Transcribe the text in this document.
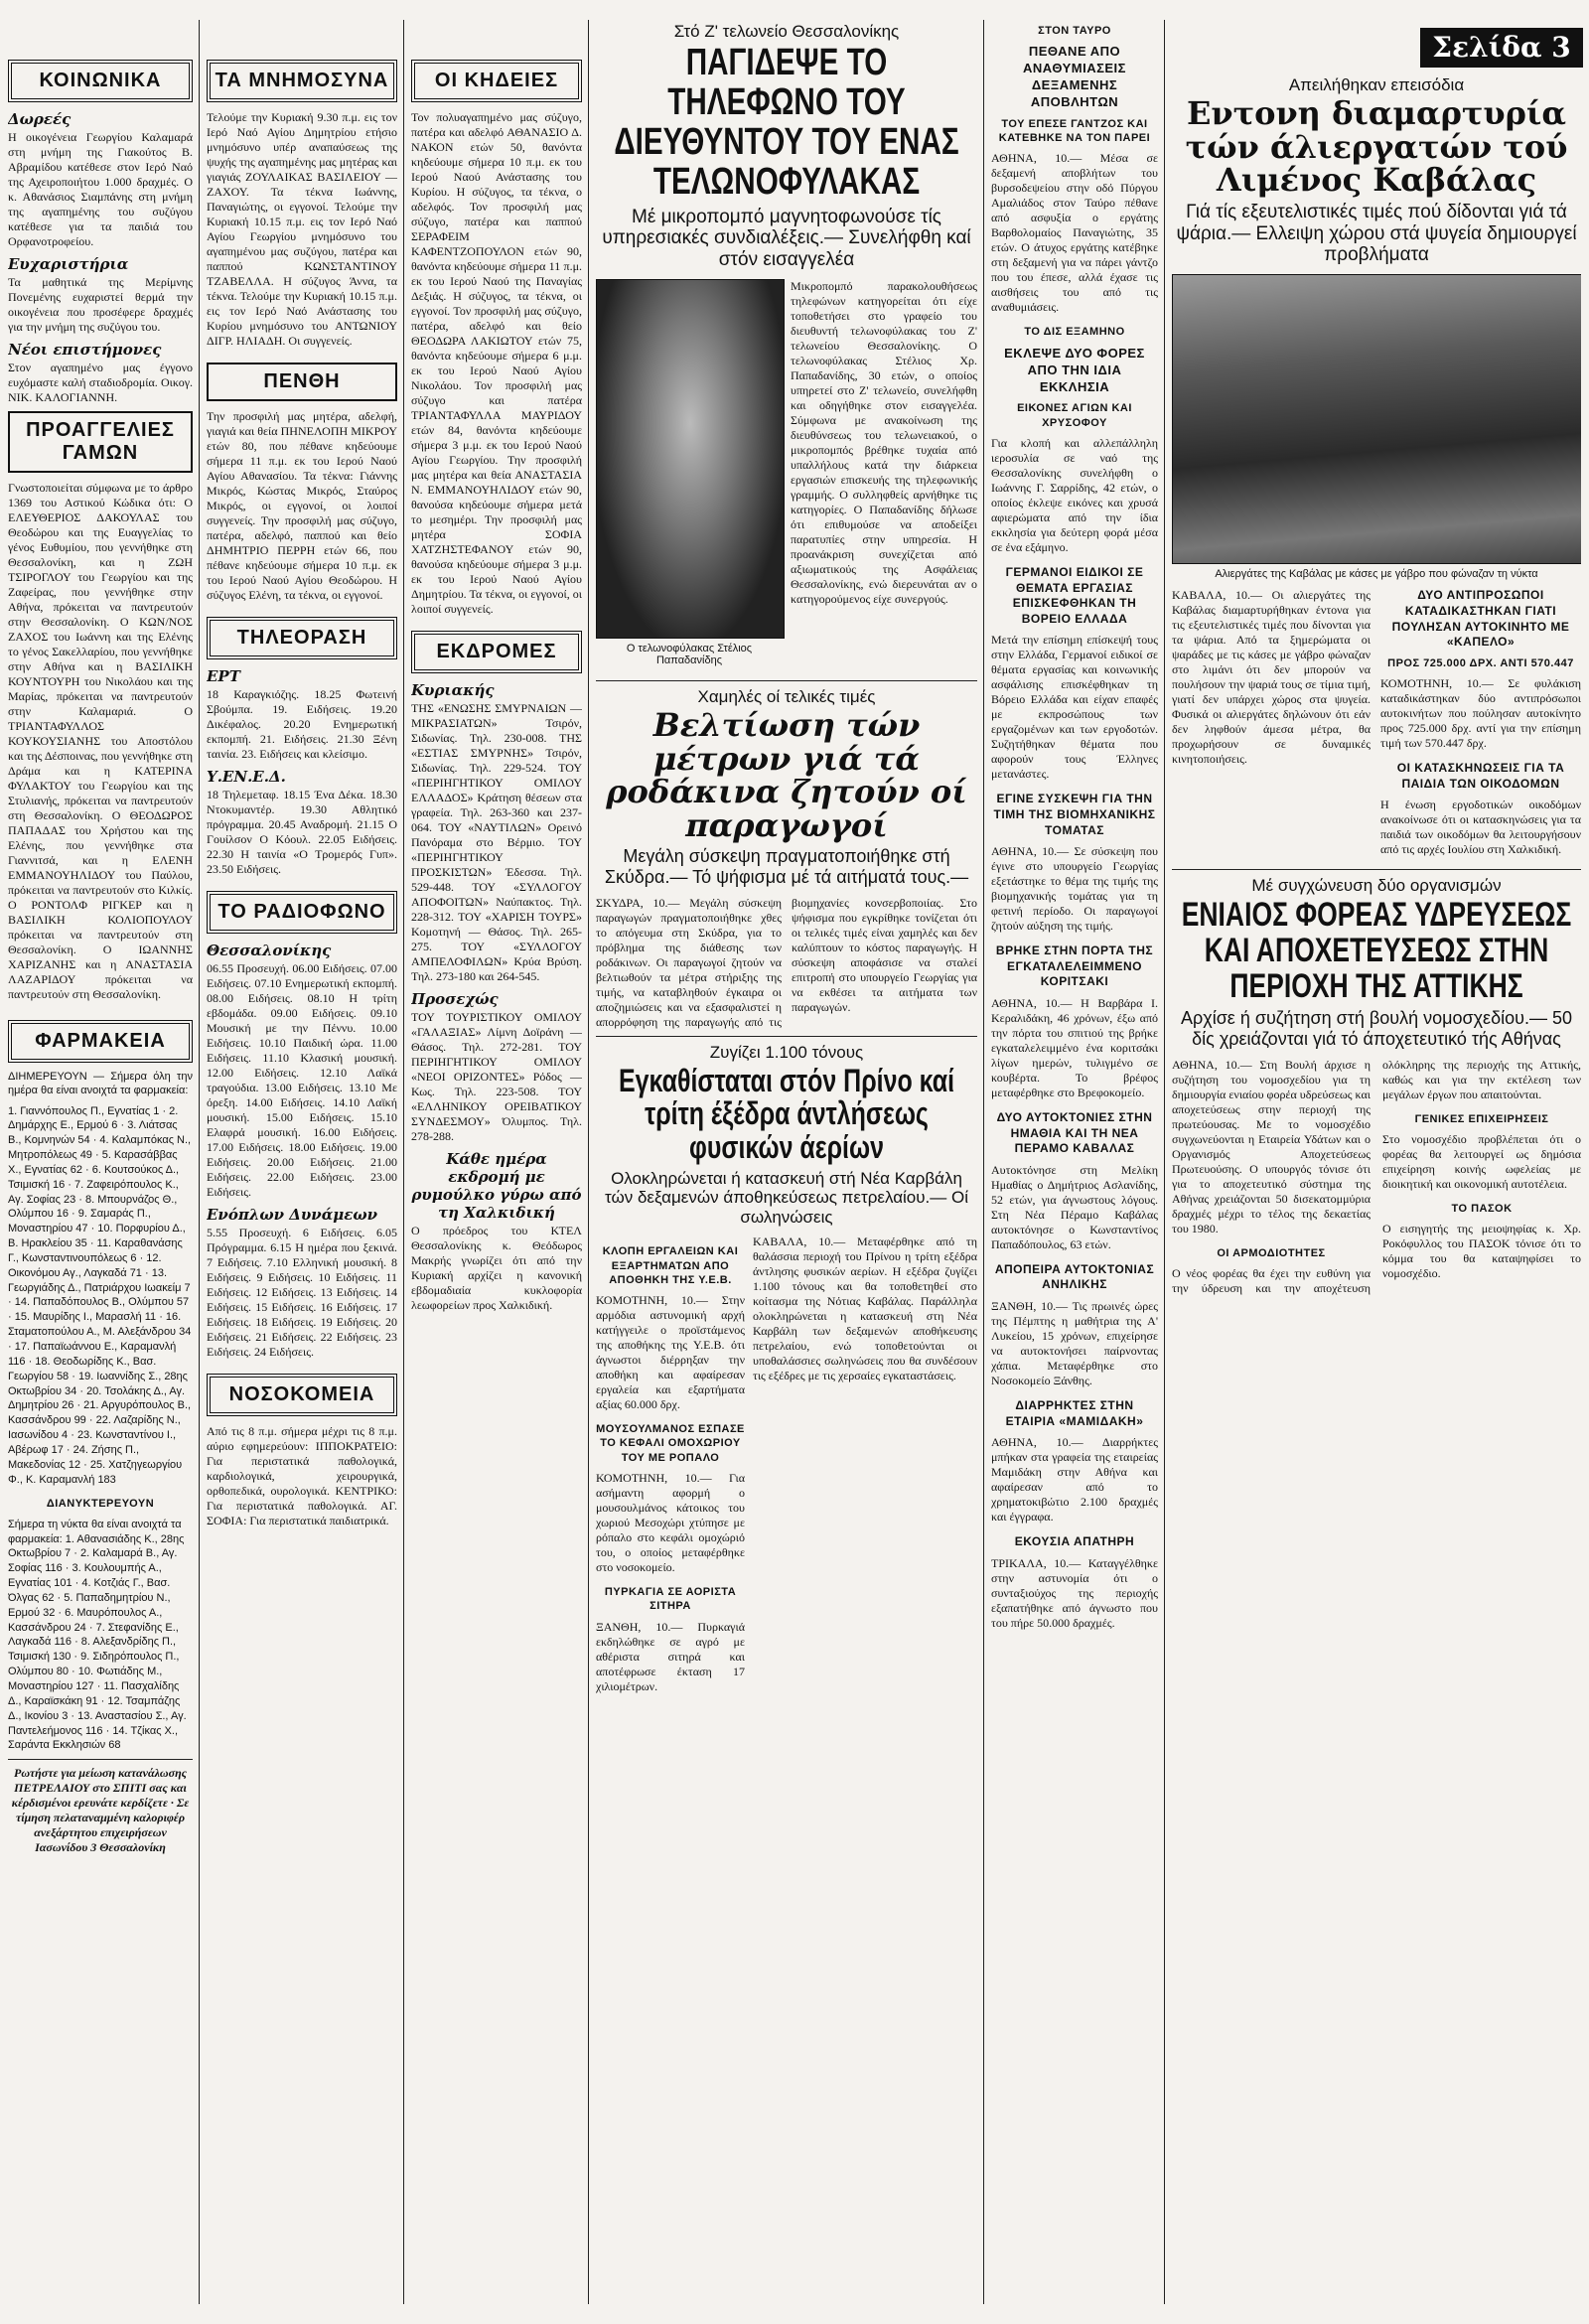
Σελίδα 3
ΚΟΙΝΩΝΙΚΑ
Δωρεές

Η οικογένεια Γεωργίου Καλαμαρά στη μνήμη της Γιακούτος Β. Αβραμίδου κατέθεσε στον Ιερό Ναό της Αχειροποιήτου 1.000 δραχμές. Ο κ. Αθανάσιος Σιαμπάνης στη μνήμη της αγαπημένης του συζύγου κατέθεσε για τα παιδιά του Ορφανοτροφείου.

Ευχαριστήρια

Τα μαθητικά της Μερίμνης Πονεμένης ευχαριστεί θερμά την οικογένεια που προσέφερε δραχμές για την μνήμη της συζύγου του.

Νέοι επιστήμονες

Στον αγαπημένο μας έγγονο ευχόμαστε καλή σταδιοδρομία. Οικογ. ΝΙΚ. ΚΑΛΟΓΙΑΝΝΗ.

ΠΡΟΑΓΓΕΛΙΕΣ ΓΑΜΩΝ

Γνωστοποιείται σύμφωνα με το άρθρο 1369 του Αστικού Κώδικα ότι: Ο ΕΛΕΥΘΕΡΙΟΣ ΔΑΚΟΥΛΑΣ του Θεοδώρου και της Ευαγγελίας το γένος Ευθυμίου, που γεννήθηκε στη Θεσσαλονίκη, και η ΖΩΗ ΤΣΙΡΟΓΛΟΥ του Γεωργίου και της Ζαφείρας, που γεννήθηκε στην Αθήνα, πρόκειται να παντρευτούν στην Θεσσαλονίκη. Ο ΚΩΝ/ΝΟΣ ΖΑΧΟΣ του Ιωάννη και της Ελένης το γένος Σακελλαρίου, που γεννήθηκε στην Αθήνα και η ΒΑΣΙΛΙΚΗ ΚΟΥΝΤΟΥΡΗ του Νικολάου και της Μαρίας, πρόκειται να παντρευτούν στην Καλαμαριά. Ο ΤΡΙΑΝΤΑΦΥΛΛΟΣ ΚΟΥΚΟΥΣΙΑΝΗΣ του Αποστόλου και της Δέσποινας, που γεννήθηκε στη Δράμα και η ΚΑΤΕΡΙΝΑ ΦΥΛΑΚΤΟΥ του Γεωργίου και της Στυλιανής, πρόκειται να παντρευτούν στη Θεσσαλονίκη. Ο ΘΕΟΔΩΡΟΣ ΠΑΠΑΔΑΣ του Χρήστου και της Ελένης, που γεννήθηκε στα Γιαννιτσά, και η ΕΛΕΝΗ ΕΜΜΑΝΟΥΗΛΙΔΟΥ του Παύλου, πρόκειται να παντρευτούν στο Κιλκίς. Ο ΡΟΝΤΟΛΦ ΡΙΓΚΕΡ και η ΒΑΣΙΛΙΚΗ ΚΟΛΙΟΠΟΥΛΟΥ πρόκειται να παντρευτούν στη Θεσσαλονίκη. Ο ΙΩΑΝΝΗΣ ΧΑΡΙΖΑΝΗΣ και η ΑΝΑΣΤΑΣΙΑ ΛΑΖΑΡΙΔΟΥ πρόκειται να παντρευτούν στη Θεσσαλονίκη.

ΦΑΡΜΑΚΕΙΑ

ΔΙΗΜΕΡΕΥΟΥΝ — Σήμερα όλη την ημέρα θα είναι ανοιχτά τα φαρμακεία:

1. Γιαννόπουλος Π., Εγνατίας 1 · 2. Δημάρχης Ε., Ερμού 6 · 3. Λιάτσας Β., Κομνηνών 54 · 4. Καλαμπόκας Ν., Μητροπόλεως 49 · 5. Καρασάββας Χ., Εγνατίας 62 · 6. Κουτσούκος Δ., Τσιμισκή 16 · 7. Ζαφειρόπουλος Κ., Αγ. Σοφίας 23 · 8. Μπουρνάζος Θ., Ολύμπου 16 · 9. Σαμαράς Π., Μοναστηρίου 47 · 10. Πορφυρίου Δ., Β. Ηρακλείου 35 · 11. Καραθανάσης Γ., Κωνσταντινουπόλεως 6 · 12. Οικονόμου Αγ., Λαγκαδά 71 · 13. Γεωργιάδης Δ., Πατριάρχου Ιωακείμ 7 · 14. Παπαδόπουλος Β., Ολύμπου 57 · 15. Μαυρίδης Ι., Μαρασλή 11 · 16. Σταματοπούλου Α., Μ. Αλεξάνδρου 34 · 17. Παπαϊωάννου Ε., Καραμανλή 116 · 18. Θεοδωρίδης Κ., Βασ. Γεωργίου 58 · 19. Ιωαννίδης Σ., 28ης Οκτωβρίου 34 · 20. Τσολάκης Δ., Αγ. Δημητρίου 26 · 21. Αργυρόπουλος Β., Κασσάνδρου 99 · 22. Λαζαρίδης Ν., Ιασωνίδου 4 · 23. Κωνσταντίνου Ι., Αβέρωφ 17 · 24. Ζήσης Π., Μακεδονίας 12 · 25. Χατζηγεωργίου Φ., Κ. Καραμανλή 183

ΔΙΑΝΥΚΤΕΡΕΥΟΥΝ

Σήμερα τη νύκτα θα είναι ανοιχτά τα φαρμακεία: 1. Αθανασιάδης Κ., 28ης Οκτωβρίου 7 · 2. Καλαμαρά Β., Αγ. Σοφίας 116 · 3. Κουλουμπής Α., Εγνατίας 101 · 4. Κοτζιάς Γ., Βασ. Όλγας 62 · 5. Παπαδημητρίου Ν., Ερμού 32 · 6. Μαυρόπουλος Α., Κασσάνδρου 24 · 7. Στεφανίδης Ε., Λαγκαδά 116 · 8. Αλεξανδρίδης Π., Τσιμισκή 130 · 9. Σιδηρόπουλος Π., Ολύμπου 80 · 10. Φωτιάδης Μ., Μοναστηρίου 127 · 11. Πασχαλίδης Δ., Καραϊσκάκη 91 · 12. Τσαμπάζης Δ., Ικονίου 3 · 13. Αναστασίου Σ., Αγ. Παντελεήμονος 116 · 14. Τζίκας Χ., Σαράντα Εκκλησιών 68

Ρωτήστε για μείωση κατανάλωσης ΠΕΤΡΕΛΑΙΟΥ στο ΣΠΙΤΙ σας και κέρδισμένοι ερευνάτε κερδίζετε · Σε τίμηση πελαταναμμένη καλοριφέρ ανεξάρτητου επιχειρήσεων Ιασωνίδου 3 Θεσσαλονίκη

ΤΑ ΜΝΗΜΟΣΥΝΑ

Τελούμε την Κυριακή 9.30 π.μ. εις τον Ιερό Ναό Αγίου Δημητρίου ετήσιο μνημόσυνο υπέρ αναπαύσεως της ψυχής της αγαπημένης μας μητέρας και γιαγιάς ΖΟΥΛΑΙΚΑΣ ΒΑΣΙΛΕΙΟΥ — ΖΑΧΟΥ. Τα τέκνα Ιωάννης, Παναγιώτης, οι εγγονοί. Τελούμε την Κυριακή 10.15 π.μ. εις τον Ιερό Ναό Αγίου Γεωργίου μνημόσυνο του αγαπημένου μας συζύγου, πατέρα και παππού ΚΩΝΣΤΑΝΤΙΝΟΥ ΤΖΑΒΕΛΛΑ. Η σύζυγος Άννα, τα τέκνα. Τελούμε την Κυριακή 10.15 π.μ. εις τον Ιερό Ναό Ανάστασης του Κυρίου μνημόσυνο του ΑΝΤΩΝΙΟΥ ΔΙΓΡ. ΗΛΙΑΔΗ. Οι συγγενείς.

ΠΕΝΘΗ

Την προσφιλή μας μητέρα, αδελφή, γιαγιά και θεία ΠΗΝΕΛΟΠΗ ΜΙΚΡΟΥ ετών 80, που πέθανε κηδεύουμε σήμερα 11 π.μ. εκ του Ιερού Ναού Αγίου Αθανασίου. Τα τέκνα: Γιάννης Μικρός, Κώστας Μικρός, Σταύρος Μικρός, οι εγγονοί, οι λοιποί συγγενείς. Την προσφιλή μας σύζυγο, πατέρα, αδελφό, παππού και θείο ΔΗΜΗΤΡΙΟ ΠΕΡΡΗ ετών 66, που πέθανε κηδεύουμε σήμερα 10 π.μ. εκ του Ιερού Ναού Αγίου Θεοδώρου. Η σύζυγος Ελένη, τα τέκνα, οι εγγονοί.

ΤΗΛΕΟΡΑΣΗ
ΕΡΤ

18 Καραγκιόζης. 18.25 Φωτεινή Σβούμπα. 19. Ειδήσεις. 19.20 Δικέφαλος. 20.20 Ενημερωτική εκπομπή. 21. Ειδήσεις. 21.30 Ξένη ταινία. 23. Ειδήσεις και κλείσιμο.

Υ.ΕΝ.Ε.Δ.

18 Τηλεμεταφ. 18.15 Ένα Δέκα. 18.30 Ντοκυμαντέρ. 19.30 Αθλητικό πρόγραμμα. 20.45 Αναδρομή. 21.15 Ο Γουίλσον Ο Κόουλ. 22.05 Ειδήσεις. 22.30 Η ταινία «Ο Τρομερός Γυπ». 23.50 Ειδήσεις.

ΤΟ ΡΑΔΙΟΦΩΝΟ
Θεσσαλονίκης

06.55 Προσευχή. 06.00 Ειδήσεις. 07.00 Ειδήσεις. 07.10 Ενημερωτική εκπομπή. 08.00 Ειδήσεις. 08.10 Η τρίτη εβδομάδα. 09.00 Ειδήσεις. 09.10 Μουσική με την Πέννυ. 10.00 Ειδήσεις. 10.10 Παιδική ώρα. 11.00 Ειδήσεις. 11.10 Κλασική μουσική. 12.00 Ειδήσεις. 12.10 Λαϊκά τραγούδια. 13.00 Ειδήσεις. 13.10 Με όρεξη. 14.00 Ειδήσεις. 14.10 Λαϊκή μουσική. 15.00 Ειδήσεις. 15.10 Ελαφρά μουσική. 16.00 Ειδήσεις. 17.00 Ειδήσεις. 18.00 Ειδήσεις. 19.00 Ειδήσεις. 20.00 Ειδήσεις. 21.00 Ειδήσεις. 22.00 Ειδήσεις. 23.00 Ειδήσεις.

Ενόπλων Δυνάμεων

5.55 Προσευχή. 6 Ειδήσεις. 6.05 Πρόγραμμα. 6.15 Η ημέρα που ξεκινά. 7 Ειδήσεις. 7.10 Ελληνική μουσική. 8 Ειδήσεις. 9 Ειδήσεις. 10 Ειδήσεις. 11 Ειδήσεις. 12 Ειδήσεις. 13 Ειδήσεις. 14 Ειδήσεις. 15 Ειδήσεις. 16 Ειδήσεις. 17 Ειδήσεις. 18 Ειδήσεις. 19 Ειδήσεις. 20 Ειδήσεις. 21 Ειδήσεις. 22 Ειδήσεις. 23 Ειδήσεις. 24 Ειδήσεις.

ΝΟΣΟΚΟΜΕΙΑ

Από τις 8 π.μ. σήμερα μέχρι τις 8 π.μ. αύριο εφημερεύουν: ΙΠΠΟΚΡΑΤΕΙΟ: Για περιστατικά παθολογικά, καρδιολογικά, χειρουργικά, ορθοπεδικά, ουρολογικά. ΚΕΝΤΡΙΚΟ: Για περιστατικά παθολογικά. ΑΓ. ΣΟΦΙΑ: Για περιστατικά παιδιατρικά.

ΟΙ ΚΗΔΕΙΕΣ

Τον πολυαγαπημένο μας σύζυγο, πατέρα και αδελφό ΑΘΑΝΑΣΙΟ Δ. ΝΑΚΟΝ ετών 50, θανόντα κηδεύουμε σήμερα 10 π.μ. εκ του Ιερού Ναού Ανάστασης του Κυρίου. Η σύζυγος, τα τέκνα, ο αδελφός. Τον προσφιλή μας σύζυγο, πατέρα και παππού ΣΕΡΑΦΕΙΜ ΚΑΦΕΝΤΖΟΠΟΥΛΟΝ ετών 90, θανόντα κηδεύουμε σήμερα 11 π.μ. εκ του Ιερού Ναού της Παναγίας Δεξιάς. Η σύζυγος, τα τέκνα, οι εγγονοί. Τον προσφιλή μας σύζυγο, πατέρα, αδελφό και θείο ΘΕΟΔΩΡΑ ΛΑΚΙΩΤΟΥ ετών 75, θανόντα κηδεύουμε σήμερα 6 μ.μ. εκ του Ιερού Ναού Αγίου Νικολάου. Τον προσφιλή μας σύζυγο και πατέρα ΤΡΙΑΝΤΑΦΥΛΛΑ ΜΑΥΡΙΔΟΥ ετών 84, θανόντα κηδεύουμε σήμερα 3 μ.μ. εκ του Ιερού Ναού Αγίου Γεωργίου. Την προσφιλή μας μητέρα και θεία ΑΝΑΣΤΑΣΙΑ Ν. ΕΜΜΑΝΟΥΗΛΙΔΟΥ ετών 90, θανούσα κηδεύουμε σήμερα μετά το μεσημέρι. Την προσφιλή μας μητέρα ΣΟΦΙΑ ΧΑΤΖΗΣΤΕΦΑΝΟΥ ετών 90, θανούσα κηδεύουμε σήμερα 3 μ.μ. εκ του Ιερού Ναού Αγίου Δημητρίου. Τα τέκνα, οι εγγονοί, οι λοιποί συγγενείς.

ΕΚΔΡΟΜΕΣ
Κυριακής

ΤΗΣ «ΕΝΩΣΗΣ ΣΜΥΡΝΑΙΩΝ — ΜΙΚΡΑΣΙΑΤΩΝ» Τσιρόν, Σιδωνίας. Τηλ. 230-008. ΤΗΣ «ΕΣΤΙΑΣ ΣΜΥΡΝΗΣ» Τσιρόν, Σιδωνίας. Τηλ. 229-524. ΤΟΥ «ΠΕΡΙΗΓΗΤΙΚΟΥ ΟΜΙΛΟΥ ΕΛΛΑΔΟΣ» Κράτηση θέσεων στα γραφεία. Τηλ. 263-360 και 237-064. ΤΟΥ «ΝΑΥΤΙΛΩΝ» Ορεινό Πανόραμα στο Βέρμιο. ΤΟΥ «ΠΕΡΙΗΓΗΤΙΚΟΥ ΠΡΟΣΚΙΣΤΩΝ» Έδεσσα. Τηλ. 529-448. ΤΟΥ «ΣΥΛΛΟΓΟΥ ΑΠΟΦΟΙΤΩΝ» Ναύπακτος. Τηλ. 228-312. ΤΟΥ «ΧΑΡΙΣΗ ΤΟΥΡΣ» Κομοτηνή — Θάσος. Τηλ. 265-275. ΤΟΥ «ΣΥΛΛΟΓΟΥ ΑΜΠΕΛΟΦΙΛΩΝ» Κρύα Βρύση. Τηλ. 273-180 και 264-545.

Προσεχώς

ΤΟΥ ΤΟΥΡΙΣΤΙΚΟΥ ΟΜΙΛΟΥ «ΓΑΛΑΞΙΑΣ» Λίμνη Δοϊράνη — Θάσος. Τηλ. 272-281. ΤΟΥ ΠΕΡΙΗΓΗΤΙΚΟΥ ΟΜΙΛΟΥ «ΝΕΟΙ ΟΡΙΖΟΝΤΕΣ» Ρόδος — Κως. Τηλ. 223-508. ΤΟΥ «ΕΛΛΗΝΙΚΟΥ ΟΡΕΙΒΑΤΙΚΟΥ ΣΥΝΔΕΣΜΟΥ» Όλυμπος. Τηλ. 278-288.

Κάθε ημέρα εκδρομή με ρυμούλκο γύρω από τη Χαλκιδική

Ο πρόεδρος του ΚΤΕΛ Θεσσαλονίκης κ. Θεόδωρος Μακρής γνωρίζει ότι από την Κυριακή αρχίζει η κανονική εβδομαδιαία κυκλοφορία λεωφορείων προς Χαλκιδική.

Στό Ζ' τελωνείο Θεσσαλονίκης
ΠΑΓΙΔΕΨΕ ΤΟ ΤΗΛΕΦΩΝΟ ΤΟΥ ΔΙΕΥΘΥΝΤΟΥ ΤΟΥ ΕΝΑΣ ΤΕΛΩΝΟΦΥΛΑΚΑΣ
Μέ μικροπομπό μαγνητοφωνούσε τίς υπηρεσιακές συνδιαλέξεις.— Συνελήφθη καί στόν εισαγγελέα
Ο τελωνοφύλακας Στέλιος Παπαδανίδης

Μικροπομπό παρακολουθήσεως τηλεφώνων κατηγορείται ότι είχε τοποθετήσει στο γραφείο του διευθυντή τελωνοφύλακας του Ζ' τελωνείου Θεσσαλονίκης. Ο τελωνοφύλακας Στέλιος Χρ. Παπαδανίδης, 30 ετών, ο οποίος υπηρετεί στο Ζ' τελωνείο, συνελήφθη και οδηγήθηκε στον εισαγγελέα. Σύμφωνα με ανακοίνωση της διευθύνσεως του τελωνειακού, ο μικροπομπός βρέθηκε τυχαία από υπαλλήλους κατά την διάρκεια εργασιών επισκευής της τηλεφωνικής γραμμής. Ο συλληφθείς αρνήθηκε τις κατηγορίες. Ο Παπαδανίδης δήλωσε ότι επιθυμούσε να αποδείξει παρατυπίες στην υπηρεσία. Η προανάκριση συνεχίζεται από αξιωματικούς της Ασφάλειας Θεσσαλονίκης, ενώ διερευνάται αν ο κατηγορούμενος είχε συνεργούς.

Χαμηλές οί τελικές τιμές
Βελτίωση τών μέτρων γιά τά ροδάκινα ζητούν οί παραγωγοί
Μεγάλη σύσκεψη πραγματοποιήθηκε στή Σκύδρα.— Τό ψήφισμα μέ τά αιτήματά τους.—

ΣΚΥΔΡΑ, 10.— Μεγάλη σύσκεψη παραγωγών πραγματοποιήθηκε χθες το απόγευμα στη Σκύδρα, για το πρόβλημα της διάθεσης των ροδάκινων. Οι παραγωγοί ζητούν να βελτιωθούν τα μέτρα στήριξης της τιμής, να καταβληθούν έγκαιρα οι αποζημιώσεις και να εξασφαλιστεί η απορρόφηση της παραγωγής από τις βιομηχανίες κονσερβοποιίας. Στο ψήφισμα που εγκρίθηκε τονίζεται ότι οι τελικές τιμές είναι χαμηλές και δεν καλύπτουν το κόστος παραγωγής. Η σύσκεψη αποφάσισε να σταλεί επιτροπή στο υπουργείο Γεωργίας για να εκθέσει τα αιτήματα των παραγωγών.

Ζυγίζει 1.100 τόνους
Εγκαθίσταται στόν Πρίνο καί τρίτη έξέδρα άντλήσεως φυσικών άερίων
Ολοκληρώνεται ή κατασκευή στή Νέα Καρβάλη τών δεξαμενών άποθηκεύσεως πετρελαίου.— Οί σωληνώσεις
ΚΛΟΠΗ ΕΡΓΑΛΕΙΩΝ ΚΑΙ ΕΞΑΡΤΗΜΑΤΩΝ ΑΠΟ ΑΠΟΘΗΚΗ ΤΗΣ Υ.Ε.Β.

ΚΟΜΟΤΗΝΗ, 10.— Στην αρμόδια αστυνομική αρχή κατήγγειλε ο προϊστάμενος της αποθήκης της Υ.Ε.Β. ότι άγνωστοι διέρρηξαν την αποθήκη και αφαίρεσαν εργαλεία και εξαρτήματα αξίας 60.000 δρχ.

ΜΟΥΣΟΥΛΜΑΝΟΣ ΕΣΠΑΣΕ ΤΟ ΚΕΦΑΛΙ ΟΜΟΧΩΡΙΟΥ ΤΟΥ ΜΕ ΡΟΠΑΛΟ

ΚΟΜΟΤΗΝΗ, 10.— Για ασήμαντη αφορμή ο μουσουλμάνος κάτοικος του χωριού Μεσοχώρι χτύπησε με ρόπαλο στο κεφάλι ομοχώριό του, ο οποίος μεταφέρθηκε στο νοσοκομείο.

ΠΥΡΚΑΓΙΑ ΣΕ ΑΟΡΙΣΤΑ ΣΙΤΗΡΑ

ΞΑΝΘΗ, 10.— Πυρκαγιά εκδηλώθηκε σε αγρό με αθέριστα σιτηρά και αποτέφρωσε έκταση 17 χιλιομέτρων.

ΚΑΒΑΛΑ, 10.— Μεταφέρθηκε από τη θαλάσσια περιοχή του Πρίνου η τρίτη εξέδρα άντλησης φυσικών αερίων. Η εξέδρα ζυγίζει 1.100 τόνους και θα τοποθετηθεί στο κοίτασμα της Νότιας Καβάλας. Παράλληλα ολοκληρώνεται η κατασκευή στη Νέα Καρβάλη των δεξαμενών αποθήκευσης πετρελαίου, ενώ τοποθετούνται οι υποθαλάσσιες σωληνώσεις που θα συνδέσουν τις εξέδρες με τις χερσαίες εγκαταστάσεις.

ΣΤΟΝ ΤΑΥΡΟ
ΠΕΘΑΝΕ ΑΠΟ ΑΝΑΘΥΜΙΑΣΕΙΣ ΔΕΞΑΜΕΝΗΣ ΑΠΟΒΛΗΤΩΝ
ΤΟΥ ΕΠΕΣΕ ΓΑΝΤΖΟΣ ΚΑΙ ΚΑΤΕΒΗΚΕ ΝΑ ΤΟΝ ΠΑΡΕΙ

ΑΘΗΝΑ, 10.— Μέσα σε δεξαμενή αποβλήτων του βυρσοδεψείου στην οδό Πύργου Αμαλιάδος στον Ταύρο πέθανε από ασφυξία ο εργάτης Βαρθολομαίος Παναγιώτης, 35 ετών. Ο άτυχος εργάτης κατέβηκε στη δεξαμενή για να πάρει γάντζο που του έπεσε, αλλά έχασε τις αισθήσεις του από τις αναθυμιάσεις.

ΤΟ ΔΙΣ ΕΞΑΜΗΝΟ
ΕΚΛΕΨΕ ΔΥΟ ΦΟΡΕΣ ΑΠΟ ΤΗΝ ΙΔΙΑ ΕΚΚΛΗΣΙΑ
ΕΙΚΟΝΕΣ ΑΓΙΩΝ ΚΑΙ ΧΡΥΣΟΦΟΥ

Για κλοπή και αλλεπάλληλη ιεροσυλία σε ναό της Θεσσαλονίκης συνελήφθη ο Ιωάννης Γ. Σαρρίδης, 42 ετών, ο οποίος έκλεψε εικόνες και χρυσά αφιερώματα από την ίδια εκκλησία για δεύτερη φορά μέσα σε ένα εξάμηνο.

ΓΕΡΜΑΝΟΙ ΕΙΔΙΚΟΙ ΣΕ ΘΕΜΑΤΑ ΕΡΓΑΣΙΑΣ ΕΠΙΣΚΕΦΘΗΚΑΝ ΤΗ ΒΟΡΕΙΟ ΕΛΛΑΔΑ

Μετά την επίσημη επίσκεψή τους στην Ελλάδα, Γερμανοί ειδικοί σε θέματα εργασίας και κοινωνικής ασφάλισης επισκέφθηκαν τη Βόρειο Ελλάδα και είχαν επαφές με εκπροσώπους των εργαζομένων και των εργοδοτών. Συζητήθηκαν θέματα που αφορούν τους Έλληνες μετανάστες.

ΕΓΙΝΕ ΣΥΣΚΕΨΗ ΓΙΑ ΤΗΝ ΤΙΜΗ ΤΗΣ ΒΙΟΜΗΧΑΝΙΚΗΣ ΤΟΜΑΤΑΣ

ΑΘΗΝΑ, 10.— Σε σύσκεψη που έγινε στο υπουργείο Γεωργίας εξετάστηκε το θέμα της τιμής της βιομηχανικής τομάτας για τη φετινή περίοδο. Οι παραγωγοί ζητούν αύξηση της τιμής.

ΒΡΗΚΕ ΣΤΗΝ ΠΟΡΤΑ ΤΗΣ ΕΓΚΑΤΑΛΕΛΕΙΜΜΕΝΟ ΚΟΡΙΤΣΑΚΙ

ΑΘΗΝΑ, 10.— Η Βαρβάρα Ι. Κεραλιδάκη, 46 χρόνων, έξω από την πόρτα του σπιτιού της βρήκε εγκαταλελειμμένο ένα κοριτσάκι λίγων ημερών, τυλιγμένο σε κουβέρτα. Το βρέφος μεταφέρθηκε στο Βρεφοκομείο.

ΔΥΟ ΑΥΤΟΚΤΟΝΙΕΣ ΣΤΗΝ ΗΜΑΘΙΑ ΚΑΙ ΤΗ ΝΕΑ ΠΕΡΑΜΟ ΚΑΒΑΛΑΣ

Αυτοκτόνησε στη Μελίκη Ημαθίας ο Δημήτριος Ασλανίδης, 52 ετών, για άγνωστους λόγους. Στη Νέα Πέραμο Καβάλας αυτοκτόνησε ο Κωνσταντίνος Παπαδόπουλος, 63 ετών.

ΑΠΟΠΕΙΡΑ ΑΥΤΟΚΤΟΝΙΑΣ ΑΝΗΛΙΚΗΣ

ΞΑΝΘΗ, 10.— Τις πρωινές ώρες της Πέμπτης η μαθήτρια της Α' Λυκείου, 15 χρόνων, επιχείρησε να αυτοκτονήσει παίρνοντας χάπια. Μεταφέρθηκε στο Νοσοκομείο Ξάνθης.

ΔΙΑΡΡΗΚΤΕΣ ΣΤΗΝ ΕΤΑΙΡΙΑ «ΜΑΜΙΔΑΚΗ»

ΑΘΗΝΑ, 10.— Διαρρήκτες μπήκαν στα γραφεία της εταιρείας Μαμιδάκη στην Αθήνα και αφαίρεσαν από το χρηματοκιβώτιο 2.100 δραχμές και έγγραφα.

ΕΚΟΥΣΙΑ ΑΠΑΤΗΡΗ

ΤΡΙΚΑΛΑ, 10.— Καταγγέλθηκε στην αστυνομία ότι ο συνταξιούχος της περιοχής εξαπατήθηκε από άγνωστο που του πήρε 50.000 δραχμές.

Απειλήθηκαν επεισόδια
Εντονη διαμαρτυρία τών άλιεργατών τού Λιμένος Καβάλας
Γιά τίς εξευτελιστικές τιμές πού δίδονται γιά τά ψάρια.— Ελλειψη χώρου στά ψυγεία δημιουργεί προβλήματα
Αλιεργάτες της Καβάλας με κάσες με γάβρο που φώναζαν τη νύκτα

ΚΑΒΑΛΑ, 10.— Οι αλιεργάτες της Καβάλας διαμαρτυρήθηκαν έντονα για τις εξευτελιστικές τιμές που δίνονται για τα ψάρια. Από τα ξημερώματα οι ψαράδες με τις κάσες με γάβρο φώναζαν στο λιμάνι ότι δεν μπορούν να πουλήσουν την ψαριά τους σε τίμια τιμή, γιατί δεν υπάρχει χώρος στα ψυγεία. Φυσικά οι αλιεργάτες δηλώνουν ότι εάν δεν ληφθούν άμεσα μέτρα, θα προχωρήσουν σε δυναμικές κινητοποιήσεις.

ΔΥΟ ΑΝΤΙΠΡΟΣΩΠΟΙ ΚΑΤΑΔΙΚΑΣΤΗΚΑΝ ΓΙΑΤΙ ΠΟΥΛΗΣΑΝ ΑΥΤΟΚΙΝΗΤΟ ΜΕ «ΚΑΠΕΛΟ»
ΠΡΟΣ 725.000 ΔΡΧ. ΑΝΤΙ 570.447

ΚΟΜΟΤΗΝΗ, 10.— Σε φυλάκιση καταδικάστηκαν δύο αντιπρόσωποι αυτοκινήτων που πούλησαν αυτοκίνητο προς 725.000 δρχ. αντί για την επίσημη τιμή των 570.447 δρχ.

ΟΙ ΚΑΤΑΣΚΗΝΩΣΕΙΣ ΓΙΑ ΤΑ ΠΑΙΔΙΑ ΤΩΝ ΟΙΚΟΔΟΜΩΝ

Η ένωση εργοδοτικών οικοδόμων ανακοίνωσε ότι οι κατασκηνώσεις για τα παιδιά των οικοδόμων θα λειτουργήσουν από τις αρχές Ιουλίου στη Χαλκιδική.

Μέ συγχώνευση δύο οργανισμών
ΕΝΙΑΙΟΣ ΦΟΡΕΑΣ ΥΔΡΕΥΣΕΩΣ ΚΑΙ ΑΠΟΧΕΤΕΥΣΕΩΣ ΣΤΗΝ ΠΕΡΙΟΧΗ ΤΗΣ ΑΤΤΙΚΗΣ
Αρχίσε ή συζήτηση στή βουλή νομοσχεδίου.— 50 δίς χρειάζονται γιά τό άποχετευτικό τής Αθήνας

ΑΘΗΝΑ, 10.— Στη Βουλή άρχισε η συζήτηση του νομοσχεδίου για τη δημιουργία ενιαίου φορέα υδρεύσεως και αποχετεύσεως στην περιοχή της πρωτεύουσας. Με το νομοσχέδιο συγχωνεύονται η Εταιρεία Υδάτων και ο Οργανισμός Αποχετεύσεως Πρωτευούσης. Ο υπουργός τόνισε ότι για το αποχετευτικό σύστημα της Αθήνας χρειάζονται 50 δισεκατομμύρια δραχμές μέχρι το τέλος της δεκαετίας του 1980.

ΟΙ ΑΡΜΟΔΙΟΤΗΤΕΣ

Ο νέος φορέας θα έχει την ευθύνη για την ύδρευση και την αποχέτευση ολόκληρης της περιοχής της Αττικής, καθώς και για την εκτέλεση των μεγάλων έργων που απαιτούνται.

ΓΕΝΙΚΕΣ ΕΠΙΧΕΙΡΗΣΕΙΣ

Στο νομοσχέδιο προβλέπεται ότι ο φορέας θα λειτουργεί ως δημόσια επιχείρηση κοινής ωφελείας με διοικητική και οικονομική αυτοτέλεια.

ΤΟ ΠΑΣΟΚ

Ο εισηγητής της μειοψηφίας κ. Χρ. Ροκόφυλλος του ΠΑΣΟΚ τόνισε ότι το κόμμα του θα καταψηφίσει το νομοσχέδιο.
